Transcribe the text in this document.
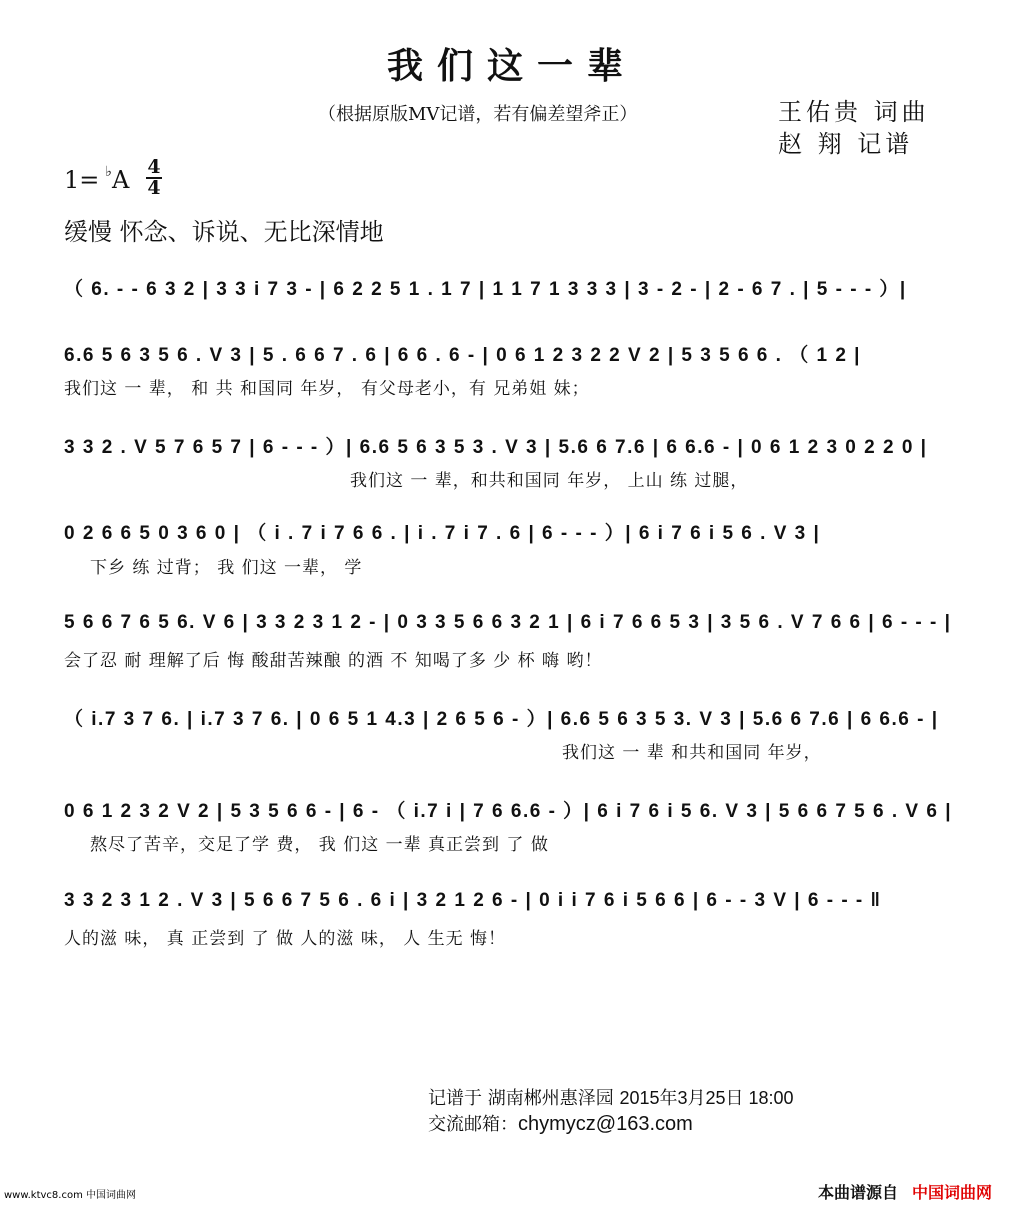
我们这一辈
（根据原版MV记谱，若有偏差望斧正）	王佑贵 词曲
赵 翔 记谱
1= ♭A 4
4
缓慢 怀念、诉说、无比深情地
（ 6. - - 6 3 2 | 3 3 i 7 3 - | 6 2 2 5 1 . 1 7 | 1 1 7 1 3 3 3 | 3 - 2 - | 2 - 6 7 . | 5 - - - ）|
6.6 5 6 3 5 6 . V 3 | 5 . 6 6 7 . 6 | 6 6 . 6 - | 0 6 1 2 3 2 2 V 2 | 5 3 5 6 6 . （ 1 2 |
我们这 一 辈， 和 共 和国同 年岁， 有父母老小，有 兄弟姐 妹；
3 3 2 . V 5 7 6 5 7 | 6 - - - ）| 6.6 5 6 3 5 3 . V 3 | 5.6 6 7.6 | 6 6.6 - | 0 6 1 2 3 0 2 2 0 |
我们这 一 辈，和共和国同 年岁， 上山 练 过腿，
0 2 6 6 5 0 3 6 0 | （ i . 7 i 7 6 6 . | i . 7 i 7 . 6 | 6 - - - ）| 6 i 7 6 i 5 6 . V 3 |
下乡 练 过背； 我 们这 一辈， 学
5 6 6 7 6 5 6. V 6 | 3 3 2 3 1 2 - | 0 3 3 5 6 6 3 2 1 | 6 i 7 6 6 5 3 | 3 5 6 . V 7 6 6 | 6 - - - |
会了忍 耐 理解了后 悔 酸甜苦辣酿 的酒 不 知喝了多 少 杯 嗨 哟！
（ i.7 3 7 6. | i.7 3 7 6. | 0 6 5 1 4.3 | 2 6 5 6 - ）| 6.6 5 6 3 5 3. V 3 | 5.6 6 7.6 | 6 6.6 - |
我们这 一 辈 和共和国同 年岁，
0 6 1 2 3 2 V 2 | 5 3 5 6 6 - | 6 - （ i.7 i | 7 6 6.6 - ）| 6 i 7 6 i 5 6. V 3 | 5 6 6 7 5 6 . V 6 |
熬尽了苦辛，交足了学 费， 我 们这 一辈 真正尝到 了 做
3 3 2 3 1 2 . V 3 | 5 6 6 7 5 6 . 6 i | 3 2 1 2 6 - | 0 i i 7 6 i 5 6 6 | 6 - - 3 V | 6 - - - ‖
人的滋 味， 真 正尝到 了 做 人的滋 味， 人 生无 悔！
记谱于 湖南郴州惠泽园 2015年3月25日 18:00
交流邮箱：chymycz@163.com
www.ktvc8.com 中国词曲网	本曲谱源自 中国词曲网
